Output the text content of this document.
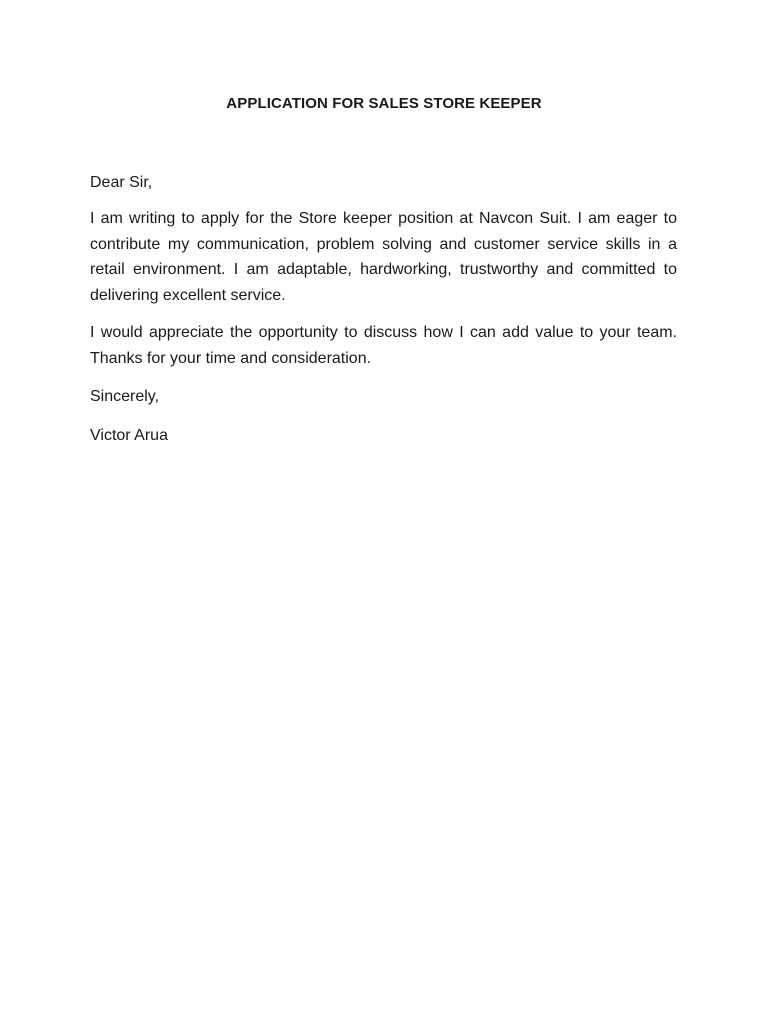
APPLICATION FOR SALES STORE KEEPER

Dear Sir,

I am writing to apply for the Store keeper position at Navcon Suit. I am eager to contribute my communication, problem solving and customer service skills in a retail environment. I am adaptable, hardworking, trustworthy and committed to delivering excellent service.

I would appreciate the opportunity to discuss how I can add value to your team. Thanks for your time and consideration.

Sincerely,

Victor Arua
